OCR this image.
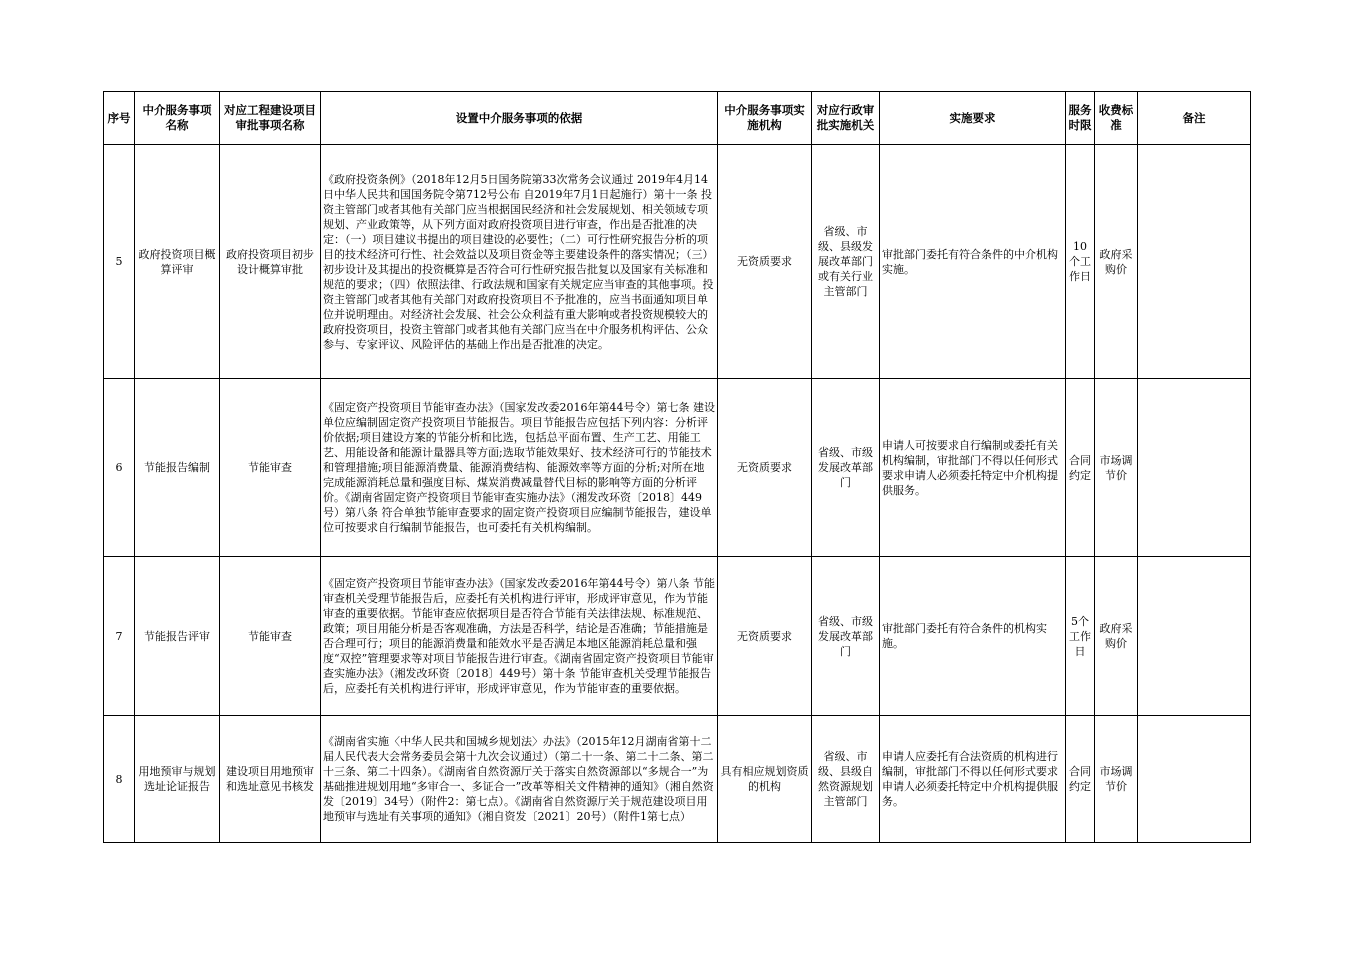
序号	中介服务事项名称	对应工程建设项目审批事项名称	设置中介服务事项的依据	中介服务事项实施机构	对应行政审批实施机关	实施要求	服务时限	收费标准	备注
5	政府投资项目概算评审	政府投资项目初步设计概算审批	《政府投资条例》（2018年12月5日国务院第33次常务会议通过 2019年4月14日中华人民共和国国务院令第712号公布 自2019年7月1日起施行）第十一条 投资主管部门或者其他有关部门应当根据国民经济和社会发展规划、相关领域专项规划、产业政策等，从下列方面对政府投资项目进行审查，作出是否批准的决定：（一）项目建议书提出的项目建设的必要性；（二）可行性研究报告分析的项目的技术经济可行性、社会效益以及项目资金等主要建设条件的落实情况；（三）初步设计及其提出的投资概算是否符合可行性研究报告批复以及国家有关标准和规范的要求；（四）依照法律、行政法规和国家有关规定应当审查的其他事项。投资主管部门或者其他有关部门对政府投资项目不予批准的，应当书面通知项目单位并说明理由。对经济社会发展、社会公众利益有重大影响或者投资规模较大的政府投资项目，投资主管部门或者其他有关部门应当在中介服务机构评估、公众参与、专家评议、风险评估的基础上作出是否批准的决定。	无资质要求	省级、市级、县级发展改革部门或有关行业主管部门	审批部门委托有符合条件的中介机构实施。	10个工作日	政府采购价	
6	节能报告编制	节能审查	《固定资产投资项目节能审查办法》（国家发改委2016年第44号令）第七条 建设单位应编制固定资产投资项目节能报告。项目节能报告应包括下列内容：分析评价依据;项目建设方案的节能分析和比选，包括总平面布置、生产工艺、用能工艺、用能设备和能源计量器具等方面;选取节能效果好、技术经济可行的节能技术和管理措施;项目能源消费量、能源消费结构、能源效率等方面的分析;对所在地完成能源消耗总量和强度目标、煤炭消费减量替代目标的影响等方面的分析评价。《湖南省固定资产投资项目节能审查实施办法》（湘发改环资〔2018〕449号）第八条 符合单独节能审查要求的固定资产投资项目应编制节能报告，建设单位可按要求自行编制节能报告，也可委托有关机构编制。	无资质要求	省级、市级发展改革部门	申请人可按要求自行编制或委托有关机构编制，审批部门不得以任何形式要求申请人必须委托特定中介机构提供服务。	合同约定	市场调节价	
7	节能报告评审	节能审查	《固定资产投资项目节能审查办法》（国家发改委2016年第44号令）第八条 节能审查机关受理节能报告后，应委托有关机构进行评审，形成评审意见，作为节能审查的重要依据。节能审查应依据项目是否符合节能有关法律法规、标准规范、政策；项目用能分析是否客观准确，方法是否科学，结论是否准确；节能措施是否合理可行；项目的能源消费量和能效水平是否满足本地区能源消耗总量和强度“双控”管理要求等对项目节能报告进行审查。《湖南省固定资产投资项目节能审查实施办法》（湘发改环资〔2018〕449号）第十条 节能审查机关受理节能报告后，应委托有关机构进行评审，形成评审意见，作为节能审查的重要依据。	无资质要求	省级、市级发展改革部门	审批部门委托有符合条件的机构实施。	5个工作日	政府采购价	
8	用地预审与规划选址论证报告	建设项目用地预审和选址意见书核发	《湖南省实施〈中华人民共和国城乡规划法〉办法》（2015年12月湖南省第十二届人民代表大会常务委员会第十九次会议通过）（第二十一条、第二十二条、第二十三条、第二十四条）。《湖南省自然资源厅关于落实自然资源部以“多规合一”为基础推进规划用地“多审合一、多证合一”改革等相关文件精神的通知》（湘自然资发〔2019〕34号）（附件2：第七点）。《湖南省自然资源厅关于规范建设项目用地预审与选址有关事项的通知》（湘自资发〔2021〕20号）（附件1第七点）	具有相应规划资质的机构	省级、市级、县级自然资源规划主管部门	申请人应委托有合法资质的机构进行编制，审批部门不得以任何形式要求申请人必须委托特定中介机构提供服务。	合同约定	市场调节价	
